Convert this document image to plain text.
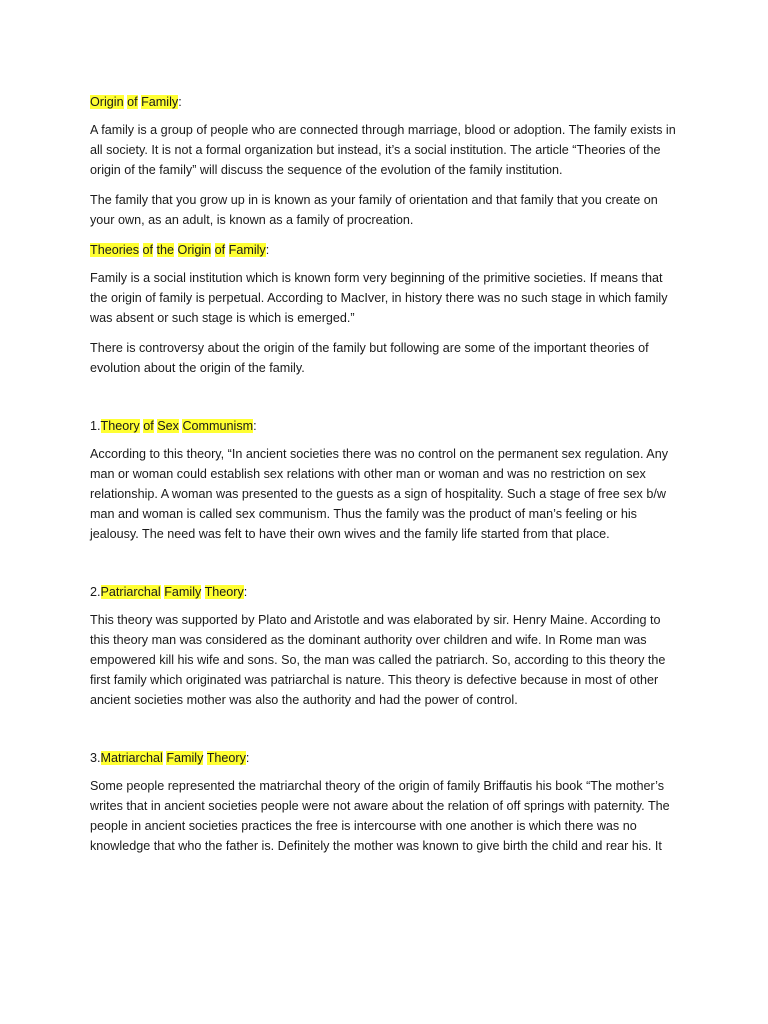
Origin of Family:

A family is a group of people who are connected through marriage, blood or adoption. The family exists in all society. It is not a formal organization but instead, it’s a social institution. The article “Theories of the origin of the family” will discuss the sequence of the evolution of the family institution.

The family that you grow up in is known as your family of orientation and that family that you create on your own, as an adult, is known as a family of procreation.

Theories of the Origin of Family:

Family is a social institution which is known form very beginning of the primitive societies. If means that the origin of family is perpetual. According to MacIver, in history there was no such stage in which family was absent or such stage is which is emerged.”

There is controversy about the origin of the family but following are some of the important theories of evolution about the origin of the family.

1.Theory of Sex Communism:

According to this theory, “In ancient societies there was no control on the permanent sex regulation. Any man or woman could establish sex relations with other man or woman and was no restriction on sex relationship. A woman was presented to the guests as a sign of hospitality. Such a stage of free sex b/w man and woman is called sex communism. Thus the family was the product of man’s feeling or his jealousy. The need was felt to have their own wives and the family life started from that place.

2.Patriarchal Family Theory:

This theory was supported by Plato and Aristotle and was elaborated by sir. Henry Maine. According to this theory man was considered as the dominant authority over children and wife. In Rome man was empowered kill his wife and sons. So, the man was called the patriarch. So, according to this theory the first family which originated was patriarchal is nature. This theory is defective because in most of other ancient societies mother was also the authority and had the power of control.

3.Matriarchal Family Theory:

Some people represented the matriarchal theory of the origin of family Briffautis his book “The mother’s writes that in ancient societies people were not aware about the relation of off springs with paternity. The people in ancient societies practices the free is intercourse with one another is which there was no knowledge that who the father is. Definitely the mother was known to give birth the child and rear his. It
